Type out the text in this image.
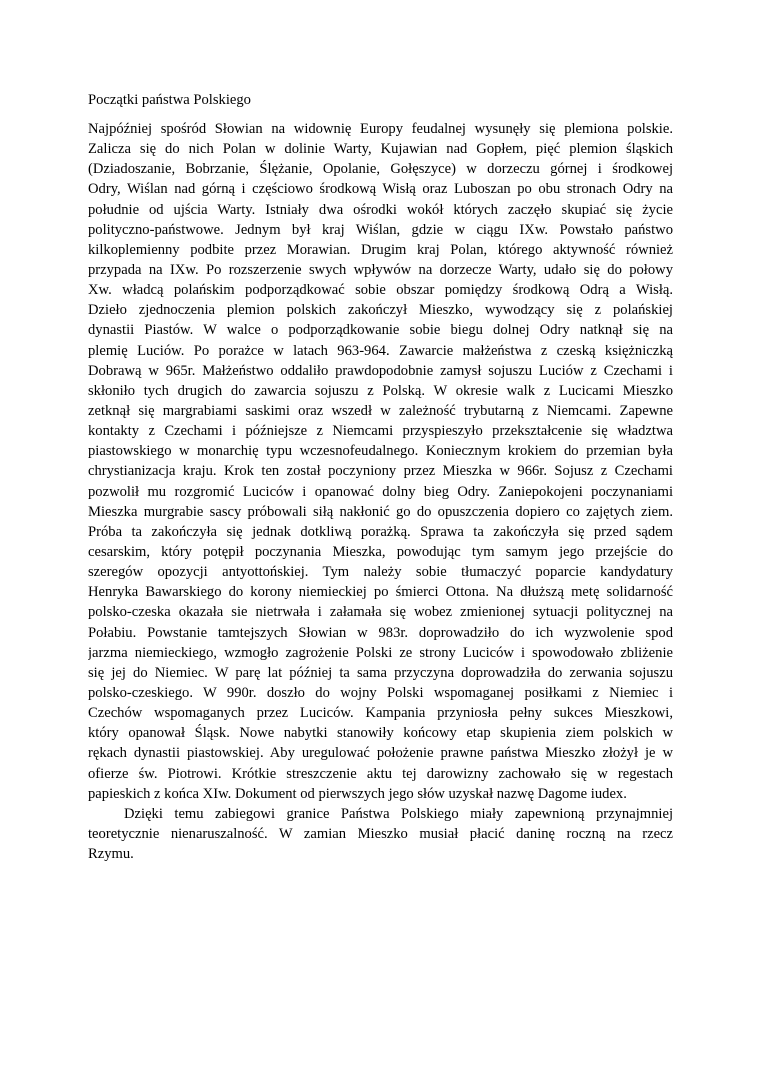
Początki państwa Polskiego
Najpóźniej spośród Słowian na widownię Europy feudalnej wysunęły się plemiona polskie.
Zalicza się do nich Polan w dolinie Warty, Kujawian nad Gopłem, pięć plemion śląskich
(Dziadoszanie, Bobrzanie, Ślężanie, Opolanie, Gołęszyce) w dorzeczu górnej i środkowej
Odry, Wiślan nad górną i częściowo środkową Wisłą oraz Luboszan po obu stronach Odry na
południe od ujścia Warty. Istniały dwa ośrodki wokół których zaczęło skupiać się życie
polityczno-państwowe. Jednym był kraj Wiślan, gdzie w ciągu IXw. Powstało państwo
kilkoplemienny podbite przez Morawian. Drugim kraj Polan, którego aktywność również
przypada na IXw. Po rozszerzenie swych wpływów na dorzecze Warty, udało się do połowy
Xw. władcą polańskim podporządkować sobie obszar pomiędzy środkową Odrą a Wisłą.
Dzieło zjednoczenia plemion polskich zakończył Mieszko, wywodzący się z polańskiej
dynastii Piastów. W walce o podporządkowanie sobie biegu dolnej Odry natknął się na
plemię Luciów. Po porażce w latach 963-964. Zawarcie małżeństwa z czeską księżniczką
Dobrawą w 965r. Małżeństwo oddaliło prawdopodobnie zamysł sojuszu Luciów z Czechami i
skłoniło tych drugich do zawarcia sojuszu z Polską. W okresie walk z Lucicami Mieszko
zetknął się margrabiami saskimi oraz wszedł w zależność trybutarną z Niemcami. Zapewne
kontakty z Czechami i późniejsze z Niemcami przyspieszyło przekształcenie się władztwa
piastowskiego w monarchię typu wczesnofeudalnego. Koniecznym krokiem do przemian była
chrystianizacja kraju. Krok ten został poczyniony przez Mieszka w 966r. Sojusz z Czechami
pozwolił mu rozgromić Luciców i opanować dolny bieg Odry. Zaniepokojeni poczynaniami
Mieszka murgrabie sascy próbowali siłą nakłonić go do opuszczenia dopiero co zajętych ziem.
Próba ta zakończyła się jednak dotkliwą porażką. Sprawa ta zakończyła się przed sądem
cesarskim, który potępił poczynania Mieszka, powodując tym samym jego przejście do
szeregów opozycji antyottońskiej. Tym należy sobie tłumaczyć poparcie kandydatury
Henryka Bawarskiego do korony niemieckiej po śmierci Ottona. Na dłuższą metę solidarność
polsko-czeska okazała sie nietrwała i załamała się wobez zmienionej sytuacji politycznej na
Połabiu. Powstanie tamtejszych Słowian w 983r. doprowadziło do ich wyzwolenie spod
jarzma niemieckiego, wzmogło zagrożenie Polski ze strony Luciców i spowodowało zbliżenie
się jej do Niemiec. W parę lat później ta sama przyczyna doprowadziła do zerwania sojuszu
polsko-czeskiego. W 990r. doszło do wojny Polski wspomaganej posiłkami z Niemiec i
Czechów wspomaganych przez Luciców. Kampania przyniosła pełny sukces Mieszkowi,
który opanował Śląsk. Nowe nabytki stanowiły końcowy etap skupienia ziem polskich w
rękach dynastii piastowskiej. Aby uregulować położenie prawne państwa Mieszko złożył je w
ofierze św. Piotrowi. Krótkie streszczenie aktu tej darowizny zachowało się w regestach
papieskich z końca XIw. Dokument od pierwszych jego słów uzyskał nazwę Dagome iudex.
Dzięki temu zabiegowi granice Państwa Polskiego miały zapewnioną przynajmniej
teoretycznie nienaruszalność. W zamian Mieszko musiał płacić daninę roczną na rzecz
Rzymu.
